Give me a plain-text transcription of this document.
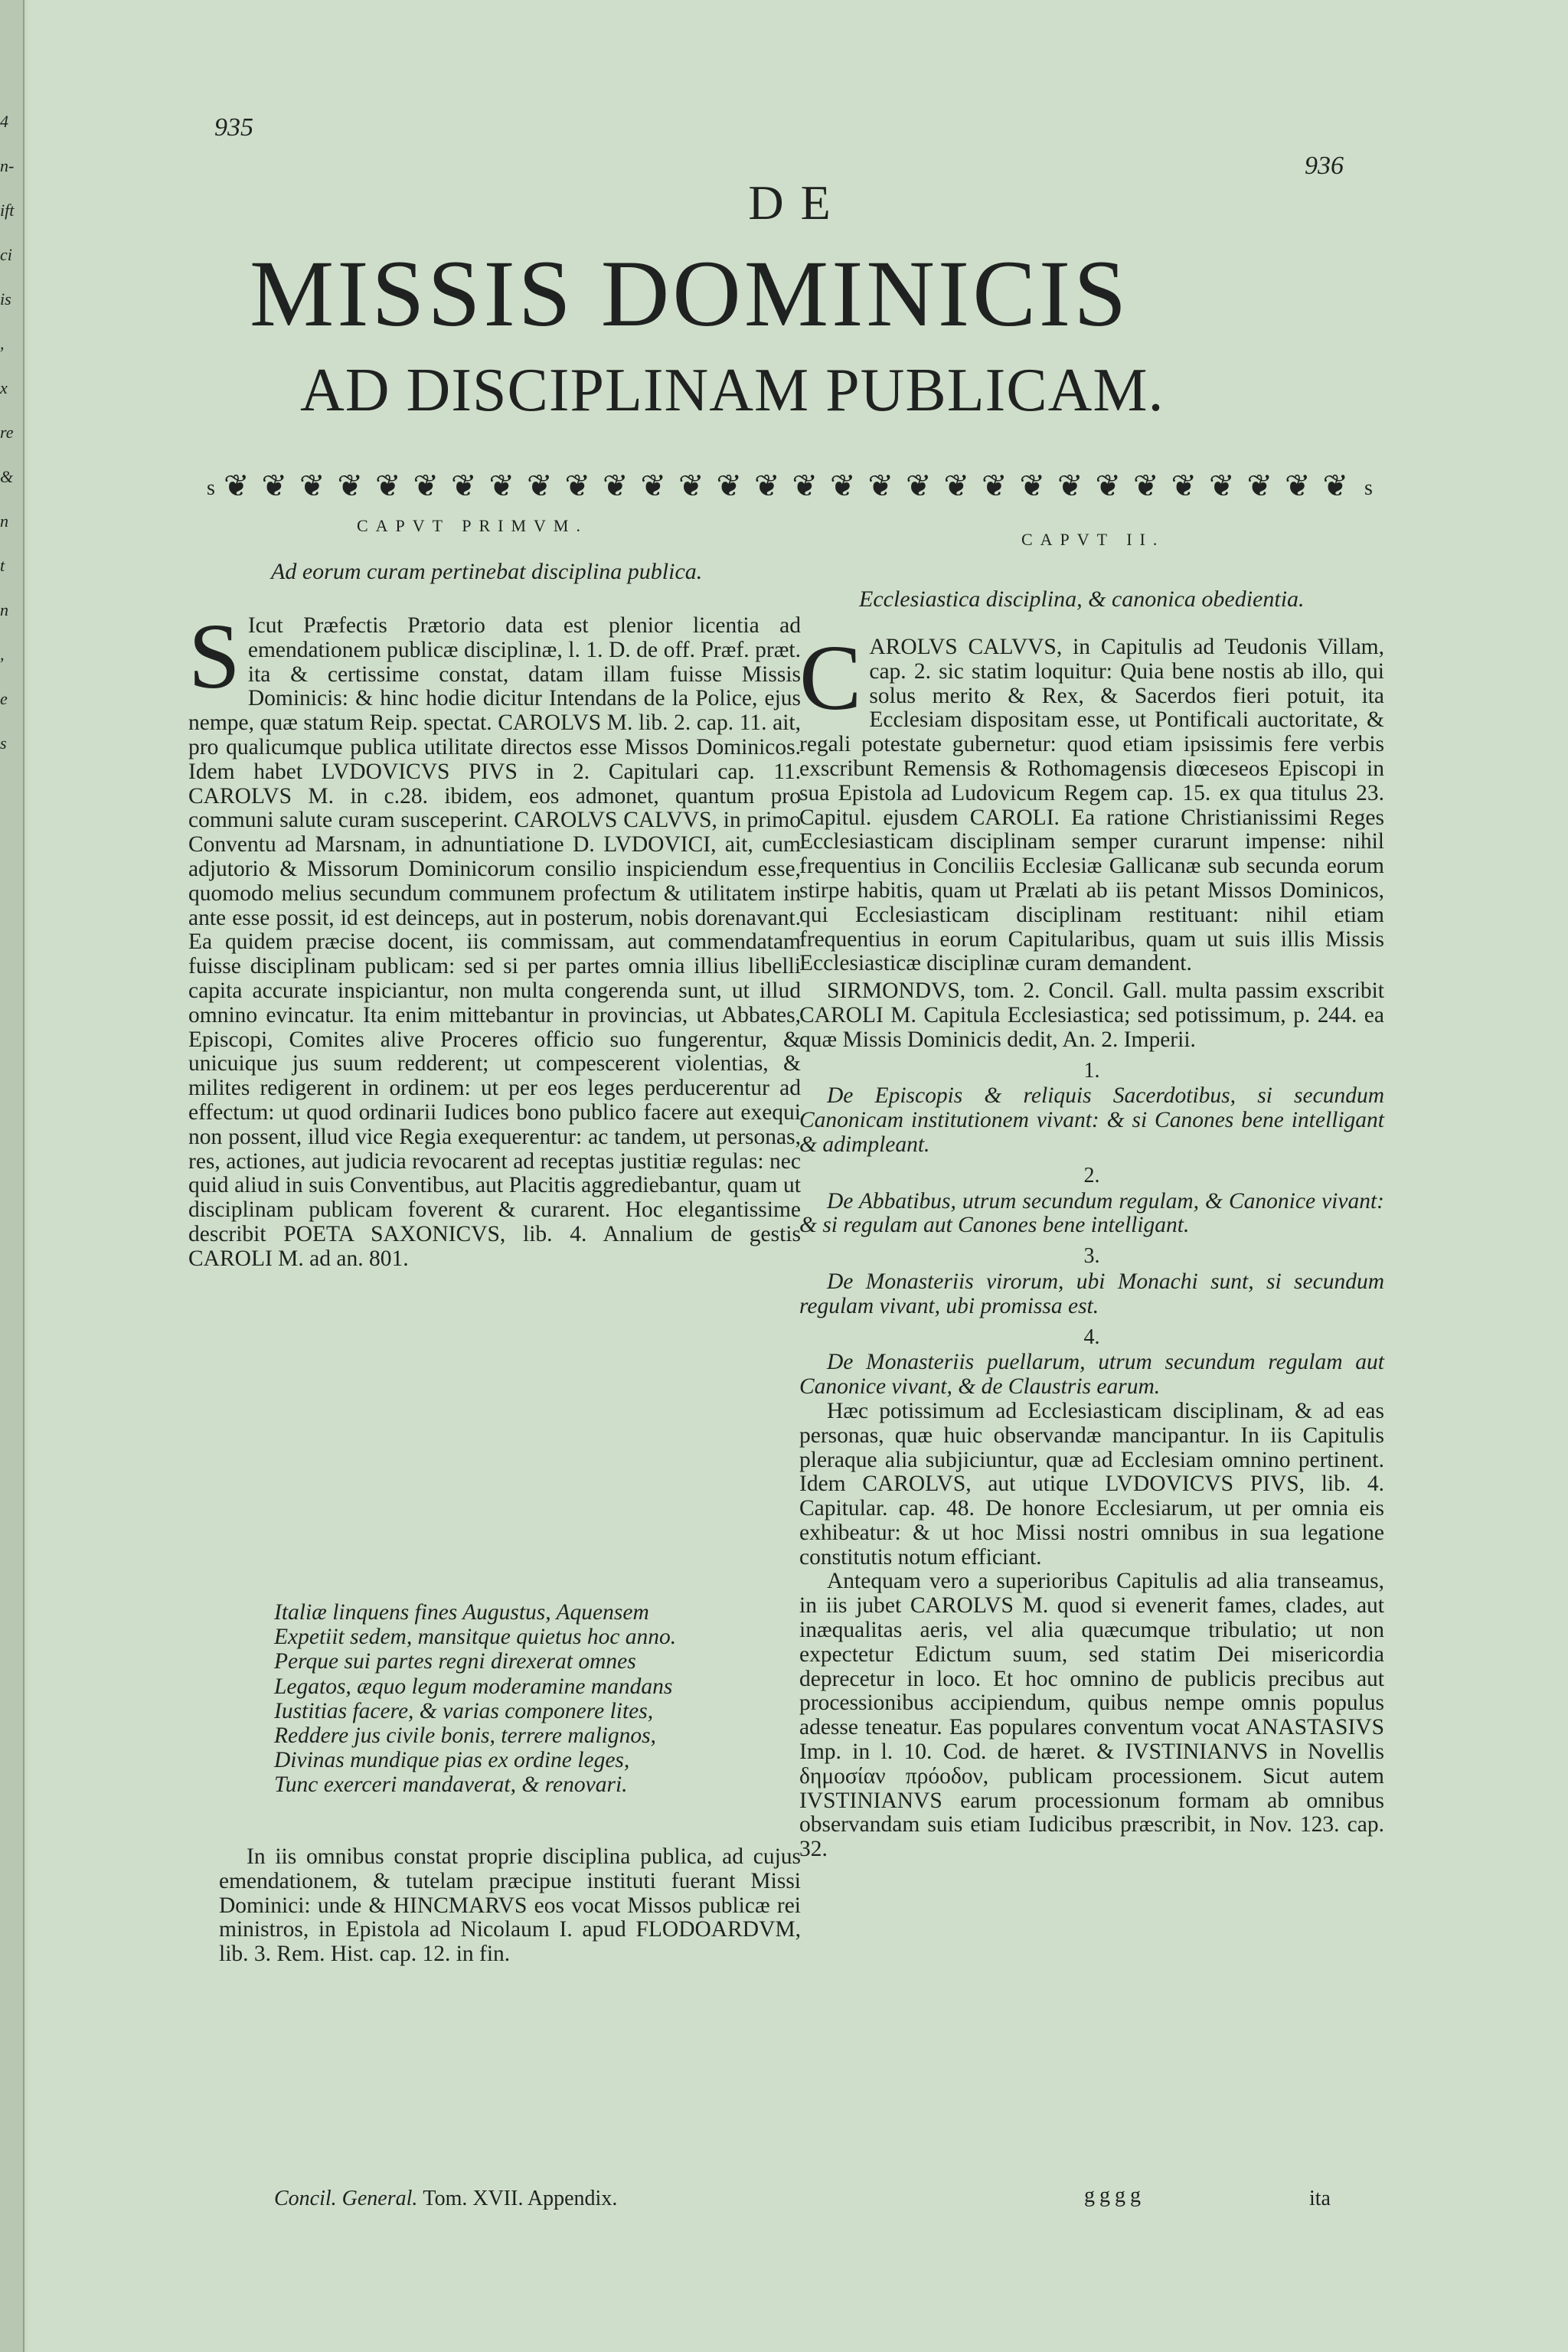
4
n-
ift
ci
is
,
x
re
&
n
t
n
,
e
s
935
936
DE
MISSIS DOMINICIS
AD DISCIPLINAM PUBLICAM.
s ❦ ❦ ❦ ❦ ❦ ❦ ❦ ❦ ❦ ❦ ❦ ❦ ❦ ❦ ❦ ❦ ❦ ❦ ❦ ❦ ❦ ❦ ❦ ❦ ❦ ❦ ❦ ❦ ❦ ❦ s
CAPVT PRIMVM.
Ad eorum curam pertinebat disciplina publica.
S Icut Præfectis Prætorio data est plenior licentia ad emendationem publicæ disciplinæ, l. 1. D. de off. Præf. præt. ita & certissime constat, datam illam fuisse Missis Dominicis: & hinc hodie dicitur Intendans de la Police, ejus nempe, quæ statum Reip. spectat. CAROLVS M. lib. 2. cap. 11. ait, pro qualicumque publica utilitate directos esse Missos Dominicos. Idem habet LVDOVICVS PIVS in 2. Capitulari cap. 11. CAROLVS M. in c.28. ibidem, eos admonet, quantum pro communi salute curam susceperint. CAROLVS CALVVS, in primo Conventu ad Marsnam, in adnuntiatione D. LVDOVICI, ait, cum adjutorio & Missorum Dominicorum consilio inspiciendum esse, quomodo melius secundum communem profectum & utilitatem in ante esse possit, id est deinceps, aut in posterum, nobis dorenavant. Ea quidem præcise docent, iis commissam, aut commendatam fuisse disciplinam publicam: sed si per partes omnia illius libelli capita accurate inspiciantur, non multa congerenda sunt, ut illud omnino evincatur. Ita enim mittebantur in provincias, ut Abbates, Episcopi, Comites alive Proceres officio suo fungerentur, & unicuique jus suum redderent; ut compescerent violentias, & milites redigerent in ordinem: ut per eos leges perducerentur ad effectum: ut quod ordinarii Iudices bono publico facere aut exequi non possent, illud vice Regia exequerentur: ac tandem, ut personas, res, actiones, aut judicia revocarent ad receptas justitiæ regulas: nec quid aliud in suis Conventibus, aut Placitis aggrediebantur, quam ut disciplinam publicam foverent & curarent. Hoc elegantissime describit POETA SAXONICVS, lib. 4. Annalium de gestis CAROLI M. ad an. 801.
Italiæ linquens fines Augustus, Aquensem
Expetiit sedem, mansitque quietus hoc anno.
Perque sui partes regni direxerat omnes
Legatos, æquo legum moderamine mandans
Iustitias facere, & varias componere lites,
Reddere jus civile bonis, terrere malignos,
Divinas mundique pias ex ordine leges,
Tunc exerceri mandaverat, & renovari.
In iis omnibus constat proprie disciplina publica, ad cujus emendationem, & tutelam præcipue instituti fuerant Missi Dominici: unde & HINCMARVS eos vocat Missos publicæ rei ministros, in Epistola ad Nicolaum I. apud FLODOARDVM, lib. 3. Rem. Hist. cap. 12. in fin.
CAPVT II.
Ecclesiastica disciplina, & canonica obedientia.
C AROLVS CALVVS, in Capitulis ad Teudonis Villam, cap. 2. sic statim loquitur: Quia bene nostis ab illo, qui solus merito & Rex, & Sacerdos fieri potuit, ita Ecclesiam dispositam esse, ut Pontificali auctoritate, & regali potestate gubernetur: quod etiam ipsissimis fere verbis exscribunt Remensis & Rothomagensis diœceseos Episcopi in sua Epistola ad Ludovicum Regem cap. 15. ex qua titulus 23. Capitul. ejusdem CAROLI. Ea ratione Christianissimi Reges Ecclesiasticam disciplinam semper curarunt impense: nihil frequentius in Conciliis Ecclesiæ Gallicanæ sub secunda eorum stirpe habitis, quam ut Prælati ab iis petant Missos Dominicos, qui Ecclesiasticam disciplinam restituant: nihil etiam frequentius in eorum Capitularibus, quam ut suis illis Missis Ecclesiasticæ disciplinæ curam demandent.
SIRMONDVS, tom. 2. Concil. Gall. multa passim exscribit CAROLI M. Capitula Ecclesiastica; sed potissimum, p. 244. ea quæ Missis Dominicis dedit, An. 2. Imperii.
1.
De Episcopis & reliquis Sacerdotibus, si secundum Canonicam institutionem vivant: & si Canones bene intelligant & adimpleant.
2.
De Abbatibus, utrum secundum regulam, & Canonice vivant: & si regulam aut Canones bene intelligant.
3.
De Monasteriis virorum, ubi Monachi sunt, si secundum regulam vivant, ubi promissa est.
4.
De Monasteriis puellarum, utrum secundum regulam aut Canonice vivant, & de Claustris earum.
Hæc potissimum ad Ecclesiasticam disciplinam, & ad eas personas, quæ huic observandæ mancipantur. In iis Capitulis pleraque alia subjiciuntur, quæ ad Ecclesiam omnino pertinent. Idem CAROLVS, aut utique LVDOVICVS PIVS, lib. 4. Capitular. cap. 48. De honore Ecclesiarum, ut per omnia eis exhibeatur: & ut hoc Missi nostri omnibus in sua legatione constitutis notum efficiant.
Antequam vero a superioribus Capitulis ad alia transeamus, in iis jubet CAROLVS M. quod si evenerit fames, clades, aut inæqualitas aeris, vel alia quæcumque tribulatio; ut non expectetur Edictum suum, sed statim Dei misericordia deprecetur in loco. Et hoc omnino de publicis precibus aut processionibus accipiendum, quibus nempe omnis populus adesse teneatur. Eas populares conventum vocat ANASTASIVS Imp. in l. 10. Cod. de hæret. & IVSTINIANVS in Novellis δημοσίαν πρόοδον, publicam processionem. Sicut autem IVSTINIANVS earum processionum formam ab omnibus observandam suis etiam Iudicibus præscribit, in Nov. 123. cap. 32.
Concil. General. Tom. XVII. Appendix.	gggg	ita
